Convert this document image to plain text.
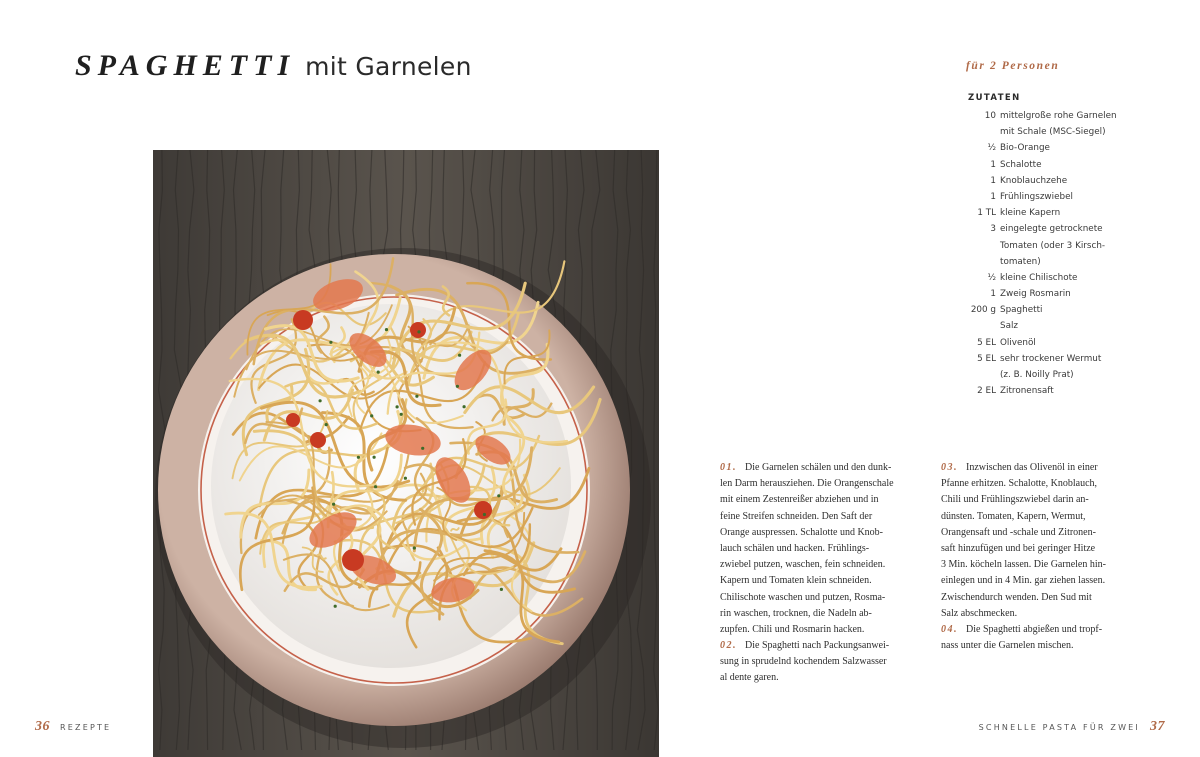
SPAGHETTI mit Garnelen	für 2 Personen

ZUTATEN

10 mittelgroße rohe Garnelen
mit Schale (MSC-Siegel)
½ Bio-Orange
1 Schalotte
1 Knoblauchzehe
1 Frühlingszwiebel
1 TL kleine Kapern
3 eingelegte getrocknete
Tomaten (oder 3 Kirsch-
tomaten)
½ kleine Chilischote
1 Zweig Rosmarin
200 g Spaghetti
Salz
5 EL Olivenöl
5 EL sehr trockener Wermut
(z. B. Noilly Prat)
2 EL Zitronensaft
01. Die Garnelen schälen und den dunk-
len Darm herausziehen. Die Orangenschale
mit einem Zestenreißer abziehen und in
feine Streifen schneiden. Den Saft der
Orange auspressen. Schalotte und Knob-
lauch schälen und hacken. Frühlings-
zwiebel putzen, waschen, fein schneiden.
Kapern und Tomaten klein schneiden.
Chilischote waschen und putzen, Rosma-
rin waschen, trocknen, die Nadeln ab-
zupfen. Chili und Rosmarin hacken.
02. Die Spaghetti nach Packungsanwei-
sung in sprudelnd kochendem Salzwasser
al dente garen.
03. Inzwischen das Olivenöl in einer
Pfanne erhitzen. Schalotte, Knoblauch,
Chili und Frühlingszwiebel darin an-
dünsten. Tomaten, Kapern, Wermut,
Orangensaft und -schale und Zitronen-
saft hinzufügen und bei geringer Hitze
3 Min. köcheln lassen. Die Garnelen hin-
einlegen und in 4 Min. gar ziehen lassen.
Zwischendurch wenden. Den Sud mit
Salz abschmecken.
04. Die Spaghetti abgießen und tropf-
nass unter die Garnelen mischen.

36 REZEPTE	SCHNELLE PASTA FÜR ZWEI 37
